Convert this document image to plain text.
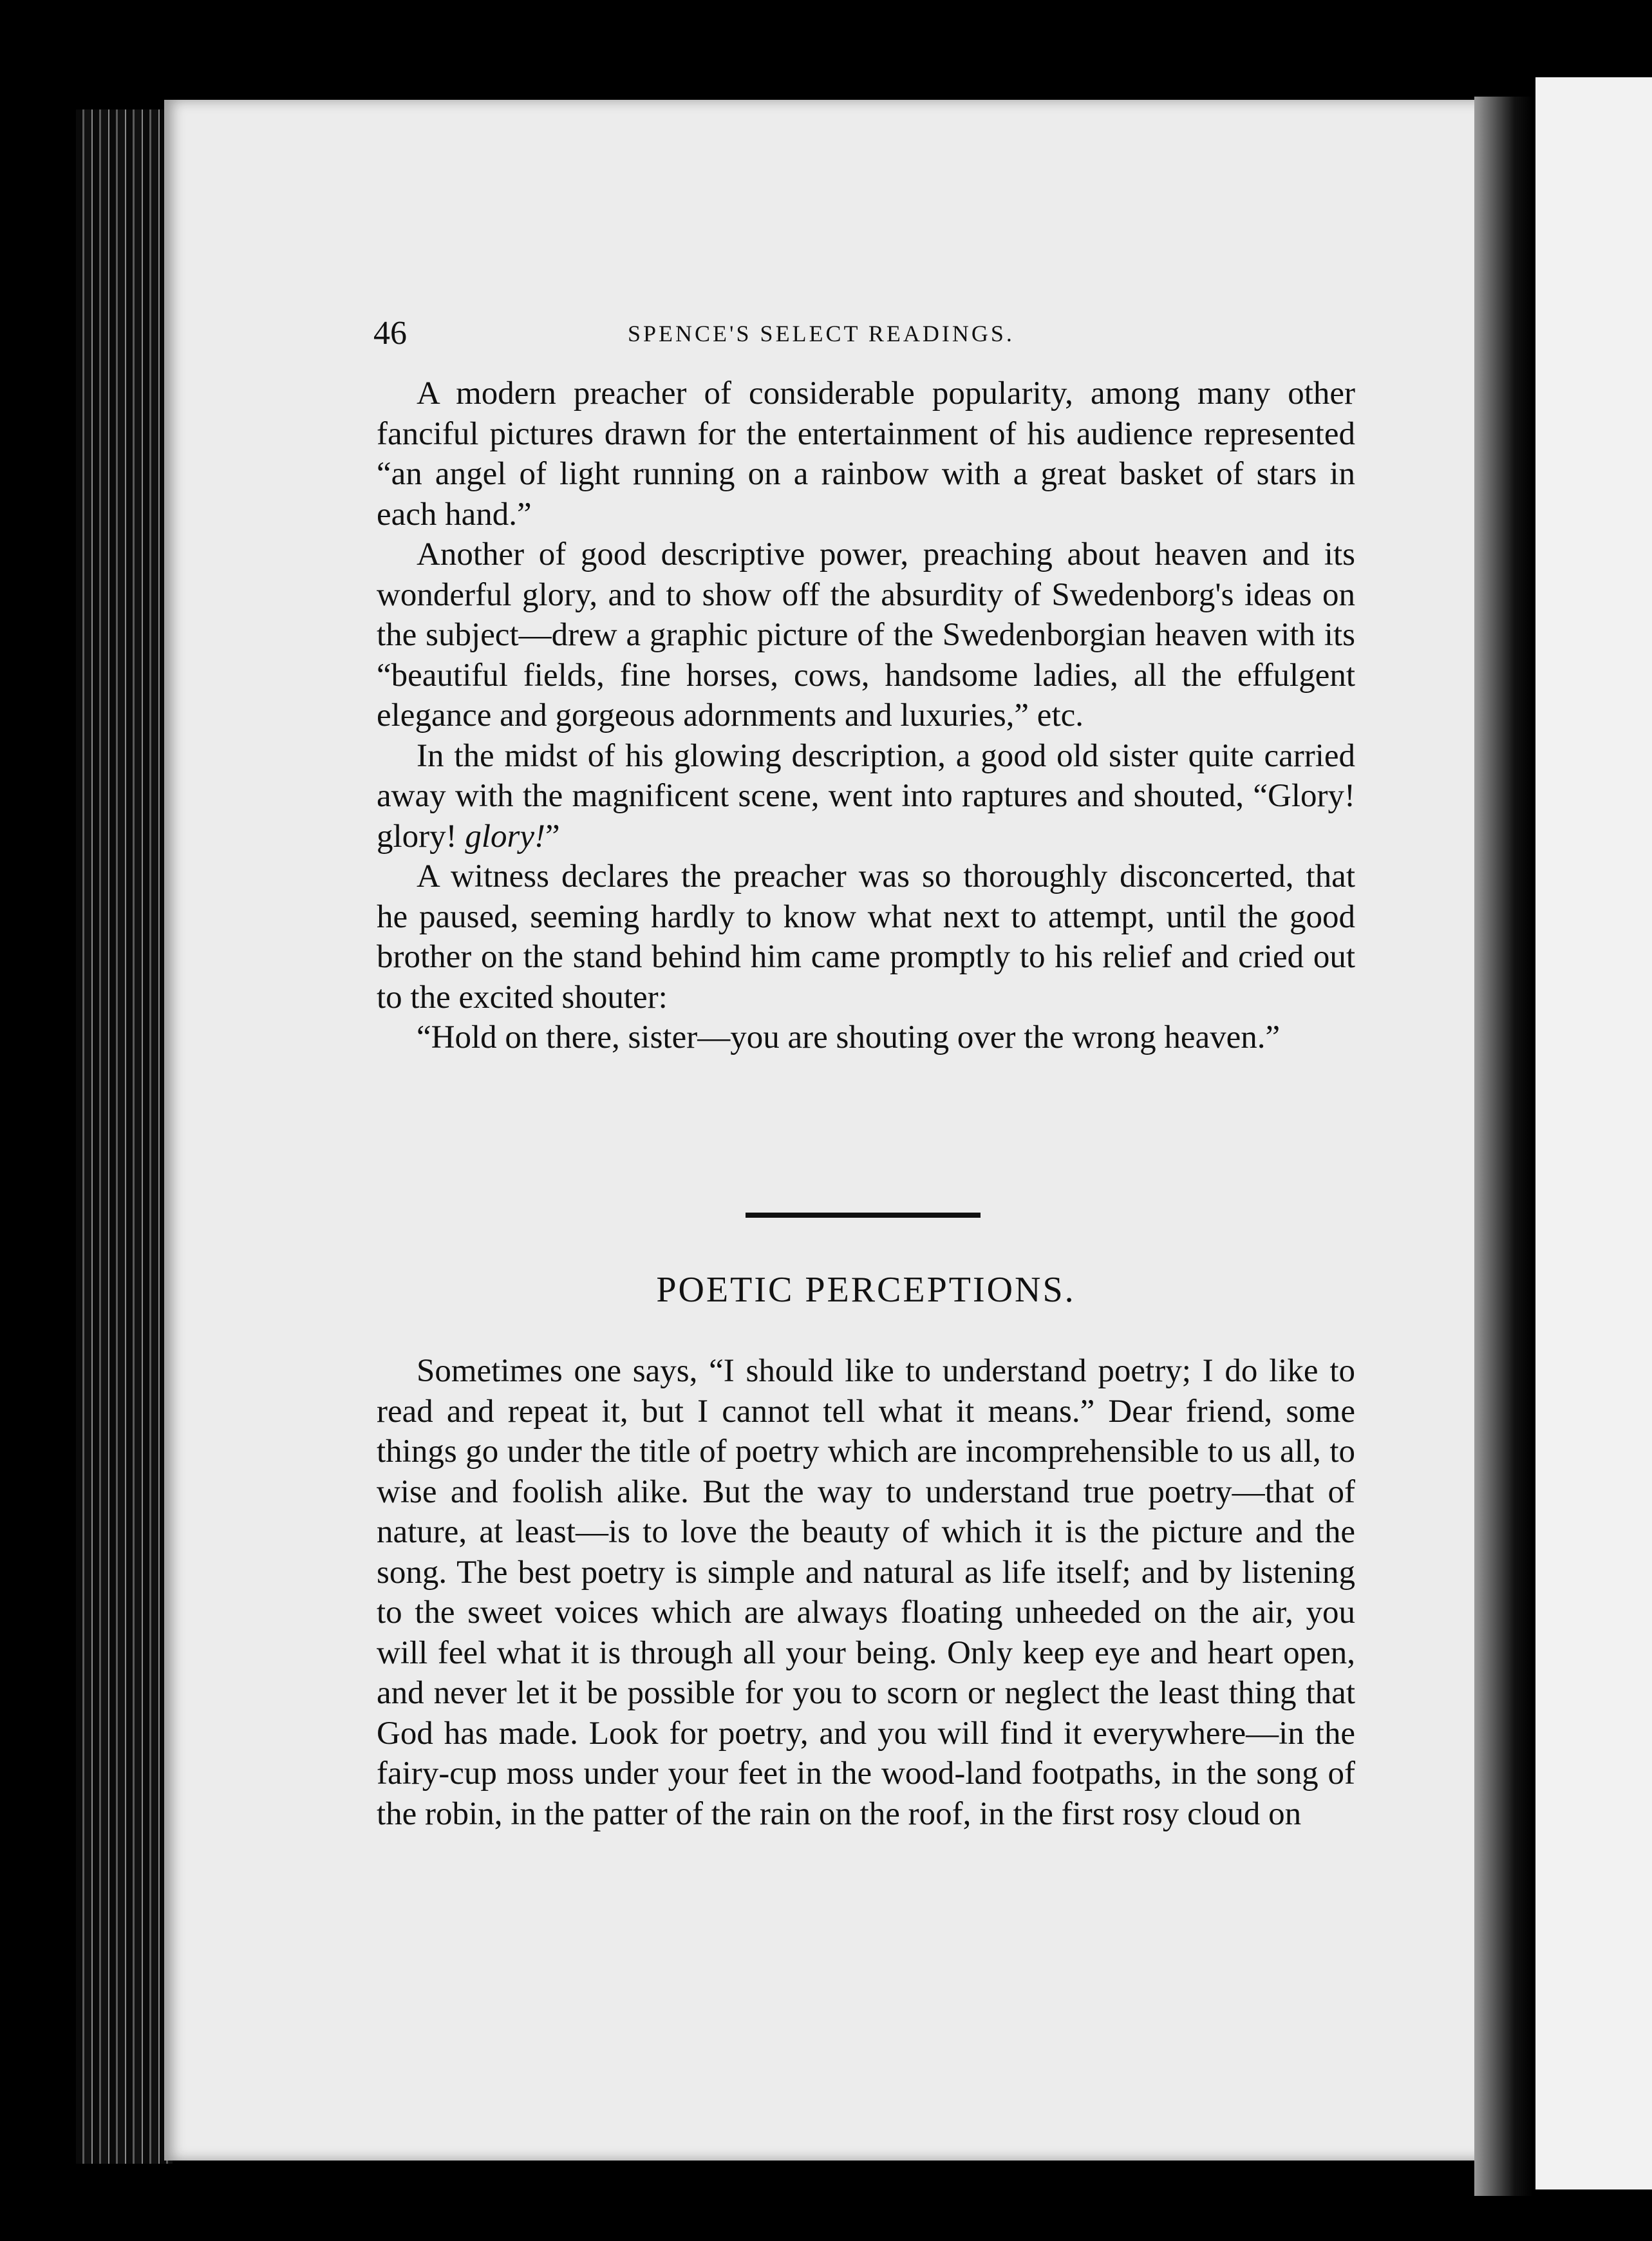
46	SPENCE'S SELECT READINGS.

A modern preacher of considerable popularity, among many other fanciful pictures drawn for the entertainment of his audience represented “an angel of light running on a rainbow with a great basket of stars in each hand.”

Another of good descriptive power, preaching about heaven and its wonderful glory, and to show off the absurdity of Swedenborg's ideas on the subject—drew a graphic picture of the Swedenborgian heaven with its “beautiful fields, fine horses, cows, handsome ladies, all the effulgent elegance and gorgeous adornments and luxuries,” etc.

In the midst of his glowing description, a good old sister quite carried away with the magnificent scene, went into raptures and shouted, “Glory! glory! glory!”

A witness declares the preacher was so thoroughly disconcerted, that he paused, seeming hardly to know what next to attempt, until the good brother on the stand behind him came promptly to his relief and cried out to the excited shouter:

“Hold on there, sister—you are shouting over the wrong heaven.”

POETIC PERCEPTIONS.

Sometimes one says, “I should like to understand poetry; I do like to read and repeat it, but I cannot tell what it means.” Dear friend, some things go under the title of poetry which are incomprehensible to us all, to wise and foolish alike. But the way to understand true poetry—that of nature, at least—is to love the beauty of which it is the picture and the song. The best poetry is simple and natural as life itself; and by listening to the sweet voices which are always floating unheeded on the air, you will feel what it is through all your being. Only keep eye and heart open, and never let it be possible for you to scorn or neglect the least thing that God has made. Look for poetry, and you will find it everywhere—in the fairy-cup moss under your feet in the wood-land footpaths, in the song of the robin, in the patter of the rain on the roof, in the first rosy cloud on
